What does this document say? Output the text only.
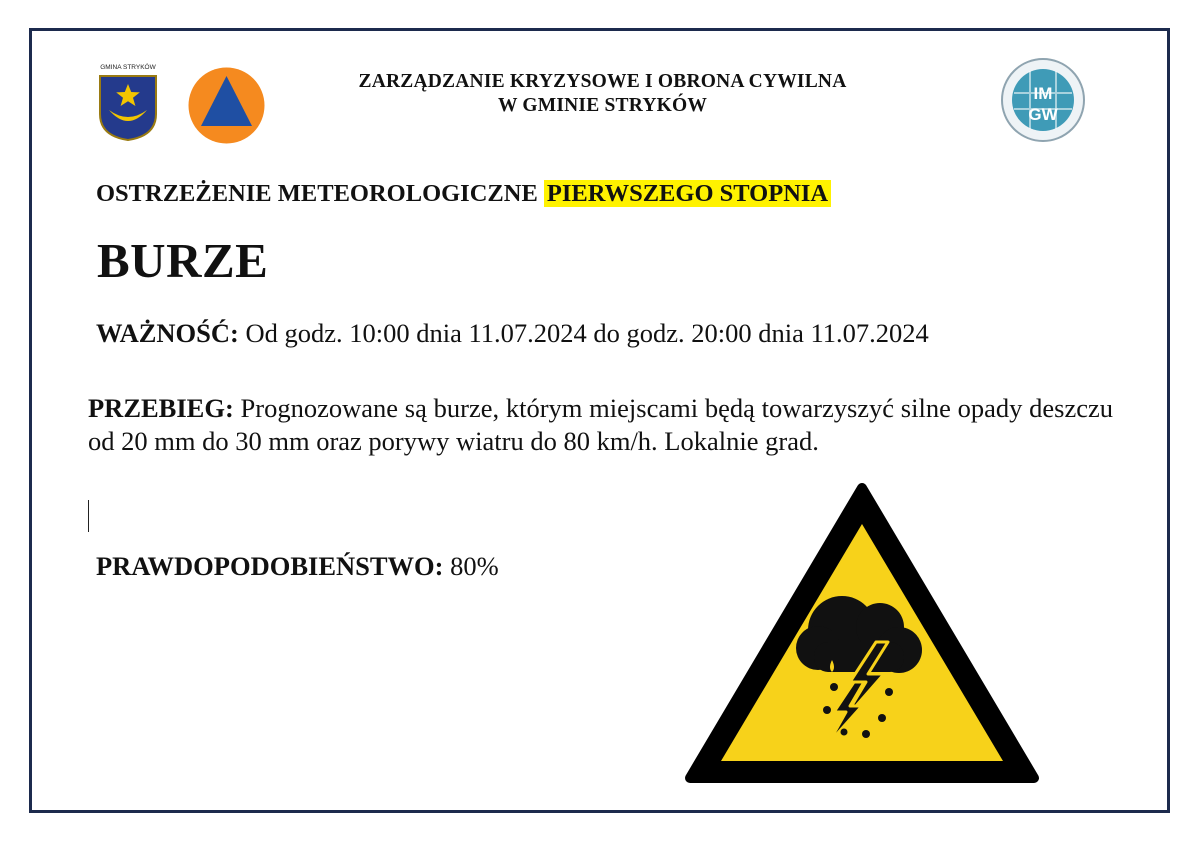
GMINA STRYKÓW
ZARZĄDZANIE KRYZYSOWE I OBRONA CYWILNA
W GMINIE STRYKÓW
IM
GW
OSTRZEŻENIE METEOROLOGICZNE PIERWSZEGO STOPNIA
BURZE
WAŻNOŚĆ: Od godz. 10:00 dnia 11.07.2024 do godz. 20:00 dnia 11.07.2024
PRZEBIEG: Prognozowane są burze, którym miejscami będą towarzyszyć silne opady deszczu od 20 mm do 30 mm oraz porywy wiatru do 80 km/h. Lokalnie grad.
PRAWDOPODOBIEŃSTWO: 80%
